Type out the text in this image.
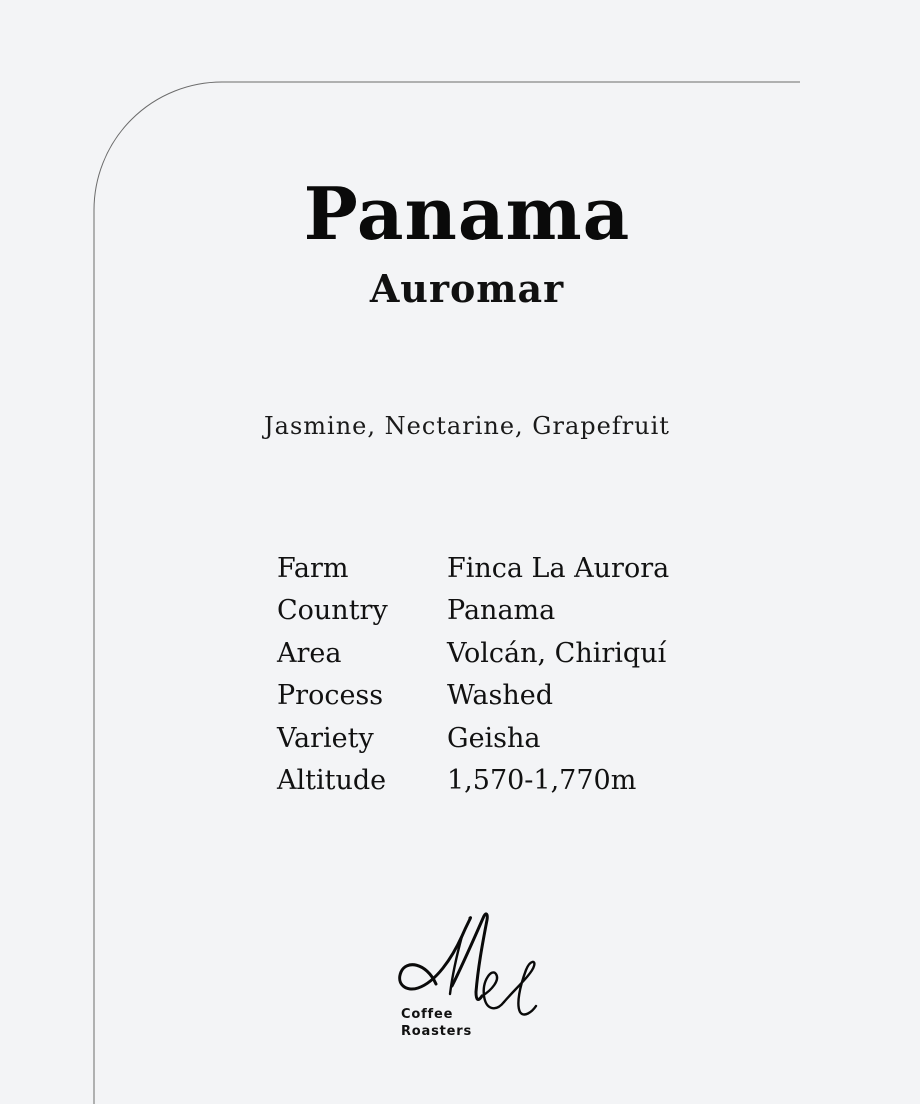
Panama
Auromar
Jasmine, Nectarine, Grapefruit
Farm	Finca La Aurora
Country	Panama
Area	Volcán, Chiriquí
Process	Washed
Variety	Geisha
Altitude	1,570-1,770m
Coffee
Roasters
